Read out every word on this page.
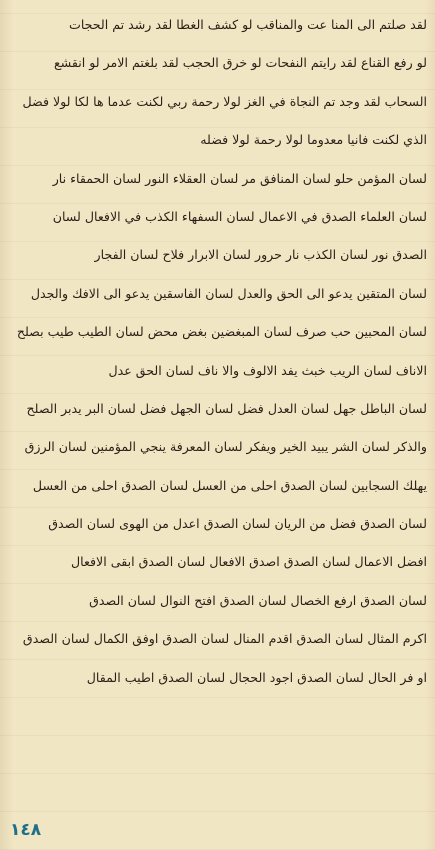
لقد صلتم الى المنا عت والمناقب لو كشف الغطا لقد رشد تم الحجات
لو رفع القناع لقد رايتم النفحات لو خرق الحجب لقد بلغتم الامر لو انقشع
السحاب لقد وجد تم النجاة في الغز لولا رحمة ربي لكنت عدما ها لكا لولا فضل
الذي لكنت فانيا معدوما لولا رحمة لولا فضله
لسان المؤمن حلو لسان المنافق مر لسان العقلاء النور لسان الحمقاء نار
لسان العلماء الصدق في الاعمال لسان السفهاء الكذب في الافعال لسان
الصدق نور لسان الكذب نار حرور لسان الابرار فلاح لسان الفجار
لسان المتقين يدعو الى الحق والعدل لسان الفاسقين يدعو الى الافك والجدل
لسان المحبين حب صرف لسان المبغضين بغض محض لسان الطيب طيب بصلح
الاناف لسان الريب خبث يفد الالوف والا ناف لسان الحق عدل
لسان الباطل جهل لسان العدل فضل لسان الجهل فضل لسان البر يدبر الصلح
والذكر لسان الشر يبيد الخير ويفكر لسان المعرفة ينجي المؤمنين لسان الرزق
يهلك السجابين لسان الصدق احلى من العسل لسان الصدق احلى من العسل
لسان الصدق فضل من الريان لسان الصدق اعدل من الهوى لسان الصدق
افضل الاعمال لسان الصدق اصدق الافعال لسان الصدق ابقى الافعال
لسان الصدق ارفع الخصال لسان الصدق افتح النوال لسان الصدق
اكرم المثال لسان الصدق اقدم المنال لسان الصدق اوفق الكمال لسان الصدق
او فر الحال لسان الصدق اجود الحجال لسان الصدق اطيب المقال
١٤٨
